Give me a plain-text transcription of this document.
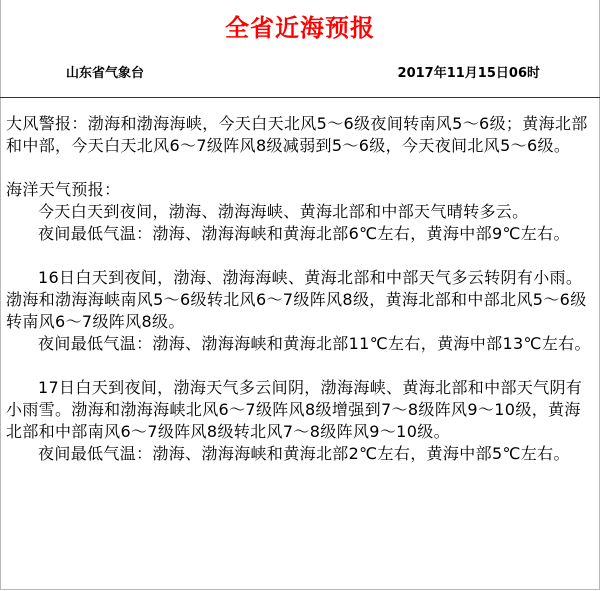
全省近海预报
山东省气象台	2017年11月15日06时

大风警报：渤海和渤海海峡，今天白天北风5～6级夜间转南风5～6级；黄海北部和中部，今天白天北风6～7级阵风8级减弱到5～6级，今天夜间北风5～6级。

海洋天气预报：

今天白天到夜间，渤海、渤海海峡、黄海北部和中部天气晴转多云。

夜间最低气温：渤海、渤海海峡和黄海北部6℃左右，黄海中部9℃左右。

16日白天到夜间，渤海、渤海海峡、黄海北部和中部天气多云转阴有小雨。渤海和渤海海峡南风5～6级转北风6～7级阵风8级，黄海北部和中部北风5～6级转南风6～7级阵风8级。

夜间最低气温：渤海、渤海海峡和黄海北部11℃左右，黄海中部13℃左右。

17日白天到夜间，渤海天气多云间阴，渤海海峡、黄海北部和中部天气阴有小雨雪。渤海和渤海海峡北风6～7级阵风8级增强到7～8级阵风9～10级，黄海北部和中部南风6～7级阵风8级转北风7～8级阵风9～10级。

夜间最低气温：渤海、渤海海峡和黄海北部2℃左右，黄海中部5℃左右。
